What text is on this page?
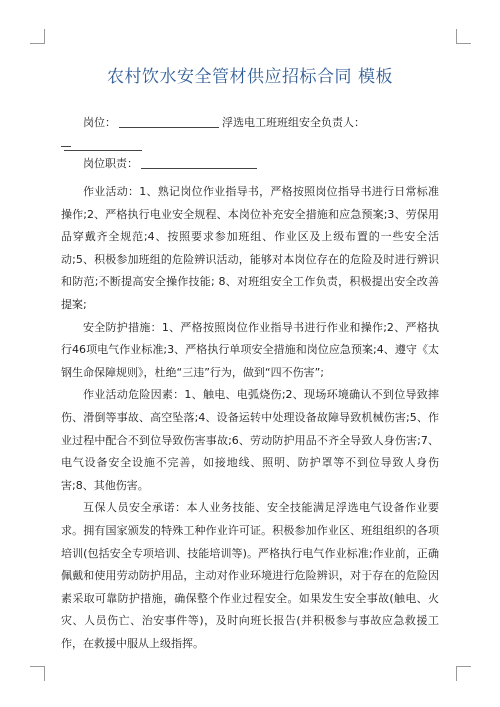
农村饮水安全管材供应招标合同 模板
岗位：	浮选电工班班组安全负责人：
岗位职责：

作业活动：1、熟记岗位作业指导书，严格按照岗位指导书进行日常标准操作;2、严格执行电业安全规程、本岗位补充安全措施和应急预案;3、劳保用品穿戴齐全规范;4、按照要求参加班组、作业区及上级布置的一些安全活动;5、积极参加班组的危险辨识活动，能够对本岗位存在的危险及时进行辨识和防范;不断提高安全操作技能; 8、对班组安全工作负责，积极提出安全改善提案;

安全防护措施：1、严格按照岗位作业指导书进行作业和操作;2、严格执行46项电气作业标准;3、严格执行单项安全措施和岗位应急预案;4、遵守《太钢生命保障规则》，杜绝“三违”行为，做到“四不伤害”;

作业活动危险因素：1、触电、电弧烧伤;2、现场环境确认不到位导致摔伤、滑倒等事故、高空坠落;4、设备运转中处理设备故障导致机械伤害;5、作业过程中配合不到位导致伤害事故;6、劳动防护用品不齐全导致人身伤害;7、电气设备安全设施不完善，如接地线、照明、防护罩等不到位导致人身伤害;8、其他伤害。

互保人员安全承诺：本人业务技能、安全技能满足浮选电气设备作业要求。拥有国家颁发的特殊工种作业许可证。积极参加作业区、班组组织的各项培训(包括安全专项培训、技能培训等)。严格执行电气作业标准;作业前，正确佩戴和使用劳动防护用品，主动对作业环境进行危险辨识，对于存在的危险因素采取可靠防护措施，确保整个作业过程安全。如果发生安全事故(触电、火灾、人员伤亡、治安事件等)，及时向班长报告(并积极参与事故应急救援工作，在救援中服从上级指挥。
